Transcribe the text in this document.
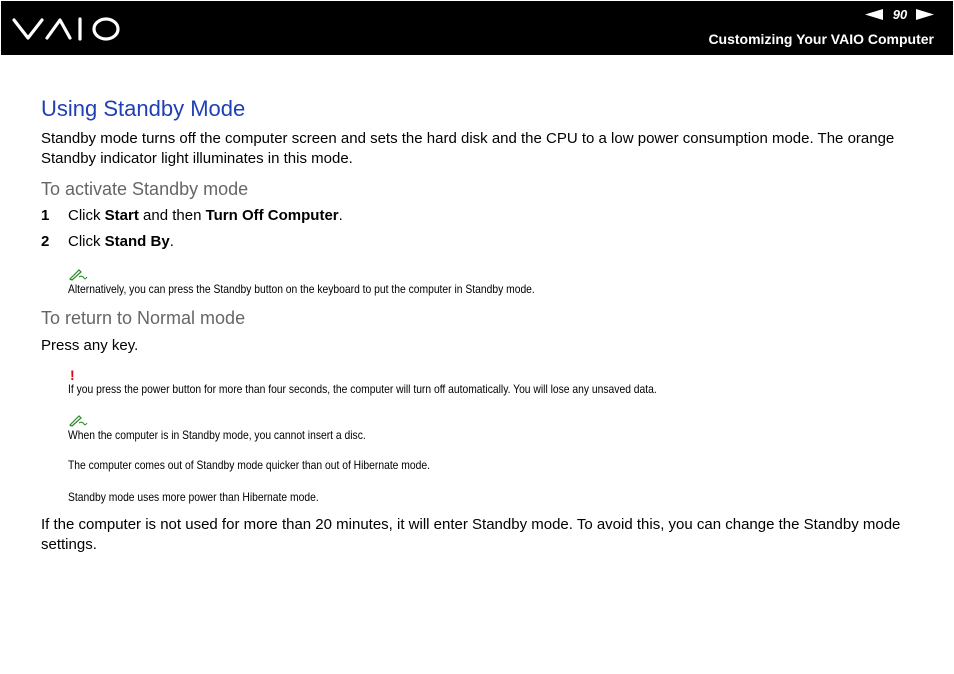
90
Customizing Your VAIO Computer
Using Standby Mode
Standby mode turns off the computer screen and sets the hard disk and the CPU to a low power consumption mode. The orange Standby indicator light illuminates in this mode.
To activate Standby mode
1 Click Start and then Turn Off Computer.
2 Click Stand By.
Alternatively, you can press the Standby button on the keyboard to put the computer in Standby mode.
To return to Normal mode
Press any key.
!
If you press the power button for more than four seconds, the computer will turn off automatically. You will lose any unsaved data.
When the computer is in Standby mode, you cannot insert a disc.
The computer comes out of Standby mode quicker than out of Hibernate mode.
Standby mode uses more power than Hibernate mode.
If the computer is not used for more than 20 minutes, it will enter Standby mode. To avoid this, you can change the Standby mode settings.
